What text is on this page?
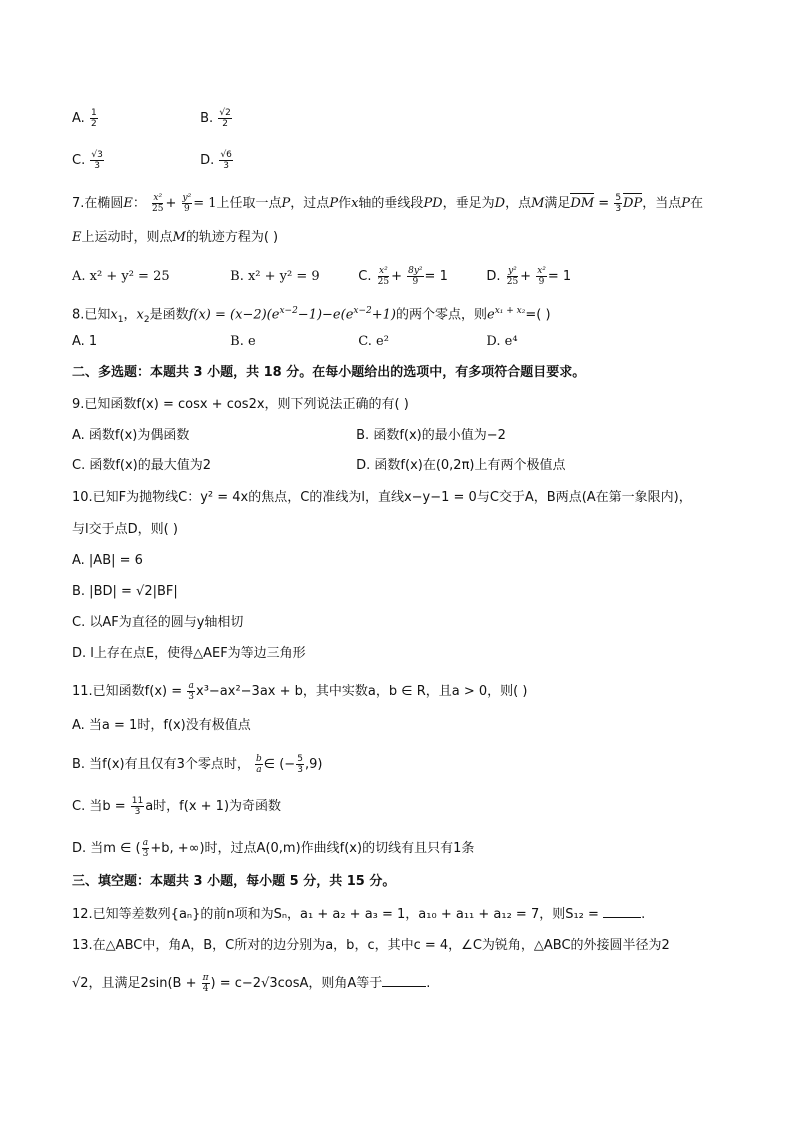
A. $\frac{1}{2}$	B. $\frac{√2}{2}$
C. $\frac{√3}{3}$	D. $\frac{√6}{3}$
7.在椭圆E： $\frac{\text{x²}}{25} + \frac{\text{y²}}{9} = 1$上任取一点P，过点P作x轴的垂线段PD，垂足为D，点M满足DM = $\frac{5}{3}$ DP，当点P在
E上运动时，则点M的轨迹方程为( )
A. x² + y² = 25	B. x² + y² = 9	C. $\frac{\text{x²}}{25} + \frac{\text{8y²}}{9} = 1$	D. $\frac{\text{y²}}{25} + \frac{\text{x²}}{9} = 1$
8.已知$x_1$，$x_2$是函数$f(x) = (x-2)(e^{x-2}-1)-e(e^{x-2}+1)$的两个零点，则$e^{x_1 + x_2}=$( )
A. 1	B. e	C. e²	D. e⁴
二、多选题：本题共 3 小题，共 18 分。在每小题给出的选项中，有多项符合题目要求。
9.已知函数f(x) = cosx + cos2x，则下列说法正确的有( )
A. 函数f(x)为偶函数	B. 函数f(x)的最小值为−2
C. 函数f(x)的最大值为2	D. 函数f(x)在(0,2π)上有两个极值点
10.已知F为抛物线C：y² = 4x的焦点，C的准线为l，直线x−y−1 = 0与C交于A，B两点(A在第一象限内)，
与l交于点D，则( )
A. |AB| = 6
B. |BD| = √2|BF|
C. 以AF为直径的圆与y轴相切
D. l上存在点E，使得△AEF为等边三角形
11.已知函数$f(x) = \frac{a}{3} x^3-ax^2-3ax + b$，其中实数a，b ∈ R，且a > 0，则( )
A. 当a = 1时，f(x)没有极值点
B. 当f(x)有且仅有3个零点时， $\frac{b}{a}$ ∈ (− $\frac{5}{3} ,9$)
C. 当$b = \frac{11}{3}$ a时，f(x + 1)为奇函数
D. 当m ∈ ( $\frac{a}{3} +b$, +∞)时，过点A(0,m)作曲线f(x)的切线有且只有1条
三、填空题：本题共 3 小题，每小题 5 分，共 15 分。
12.已知等差数列{aₙ}的前n项和为Sₙ，a₁ + a₂ + a₃ = 1，a₁₀ + a₁₁ + a₁₂ = 7，则S₁₂ =	.
13.在△ABC中，角A，B，C所对的边分别为a，b，c，其中c = 4，∠C为锐角，△ABC的外接圆半径为2
√2，且满足$2\sin(B + \frac{\pi}{4}$ ) = c−2√3cosA，则角A等于	.
